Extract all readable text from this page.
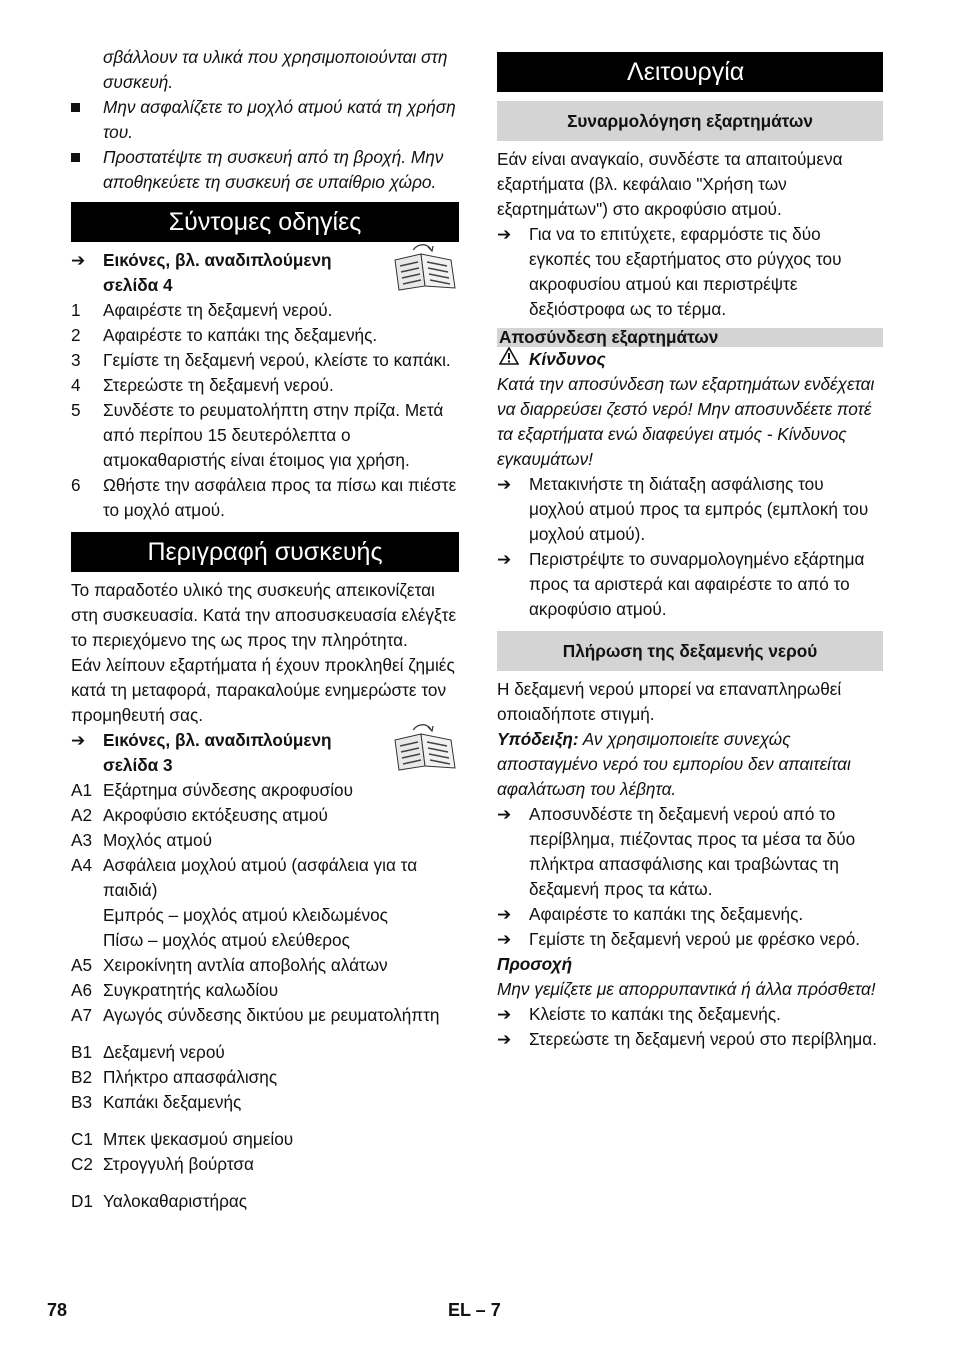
σβάλλουν τα υλικά που χρησιμοποιούνται στη συσκευή.

Μην ασφαλίζετε το μοχλό ατμού κατά τη χρήση του.

Προστατέψτε τη συσκευή από τη βροχή. Μην αποθηκεύετε τη συσκευή σε υπαίθριο χώρο.

Σύντομες οδηγίες
➔ Εικόνες, βλ. αναδιπλούμενη σελίδα 4

1 Αφαιρέστε τη δεξαμενή νερού.

2 Αφαιρέστε το καπάκι της δεξαμενής.

3 Γεμίστε τη δεξαμενή νερού, κλείστε το καπάκι.

4 Στερεώστε τη δεξαμενή νερού.

5 Συνδέστε το ρευματολήπτη στην πρίζα. Μετά από περίπου 15 δευτερόλεπτα ο ατμοκαθαριστής είναι έτοιμος για χρήση.

6 Ωθήστε την ασφάλεια προς τα πίσω και πιέστε το μοχλό ατμού.

Περιγραφή συσκευής

Το παραδοτέο υλικό της συσκευής απεικονίζεται στη συσκευασία. Κατά την αποσυσκευασία ελέγξτε το περιεχόμενο της ως προς την πληρότητα.

Εάν λείπουν εξαρτήματα ή έχουν προκληθεί ζημιές κατά τη μεταφορά, παρακαλούμε ενημερώστε τον προμηθευτή σας.

➔ Εικόνες, βλ. αναδιπλούμενη σελίδα 3

A1 Εξάρτημα σύνδεσης ακροφυσίου

A2 Ακροφύσιο εκτόξευσης ατμού

A3 Μοχλός ατμού

A4 Ασφάλεια μοχλού ατμού (ασφάλεια για τα παιδιά)

Εμπρός – μοχλός ατμού κλειδωμένος

Πίσω – μοχλός ατμού ελεύθερος

A5 Χειροκίνητη αντλία αποβολής αλάτων

A6 Συγκρατητής καλωδίου

A7 Αγωγός σύνδεσης δικτύου με ρευματολήπτη

B1 Δεξαμενή νερού

B2 Πλήκτρο απασφάλισης

B3 Καπάκι δεξαμενής

C1 Μπεκ ψεκασμού σημείου

C2 Στρογγυλή βούρτσα

D1 Υαλοκαθαριστήρας

Λειτουργία
Συναρμολόγηση εξαρτημάτων

Εάν είναι αναγκαίο, συνδέστε τα απαιτούμενα εξαρτήματα (βλ. κεφάλαιο "Χρήση των εξαρτημάτων") στο ακροφύσιο ατμού.

➔ Για να το επιτύχετε, εφαρμόστε τις δύο εγκοπές του εξαρτήματος στο ρύγχος του ακροφυσίου ατμού και περιστρέψτε δεξιόστροφα ως το τέρμα.

Αποσύνδεση εξαρτημάτων

Κίνδυνος

Κατά την αποσύνδεση των εξαρτημάτων ενδέχεται να διαρρεύσει ζεστό νερό! Μην αποσυνδέετε ποτέ τα εξαρτήματα ενώ διαφεύγει ατμός - Κίνδυνος εγκαυμάτων!

➔ Μετακινήστε τη διάταξη ασφάλισης του μοχλού ατμού προς τα εμπρός (εμπλοκή του μοχλού ατμού).

➔ Περιστρέψτε το συναρμολογημένο εξάρτημα προς τα αριστερά και αφαιρέστε το από το ακροφύσιο ατμού.

Πλήρωση της δεξαμενής νερού

Η δεξαμενή νερού μπορεί να επαναπληρωθεί οποιαδήποτε στιγμή.

Υπόδειξη: Αν χρησιμοποιείτε συνεχώς αποσταγμένο νερό του εμπορίου δεν απαιτείται αφαλάτωση του λέβητα.

➔ Αποσυνδέστε τη δεξαμενή νερού από το περίβλημα, πιέζοντας προς τα μέσα τα δύο πλήκτρα απασφάλισης και τραβώντας τη δεξαμενή προς τα κάτω.

➔ Αφαιρέστε το καπάκι της δεξαμενής.

➔ Γεμίστε τη δεξαμενή νερού με φρέσκο νερό.

Προσοχή

Μην γεμίζετε με απορρυπαντικά ή άλλα πρόσθετα!

➔ Κλείστε το καπάκι της δεξαμενής.

➔ Στερεώστε τη δεξαμενή νερού στο περίβλημα.

78	EL – 7
